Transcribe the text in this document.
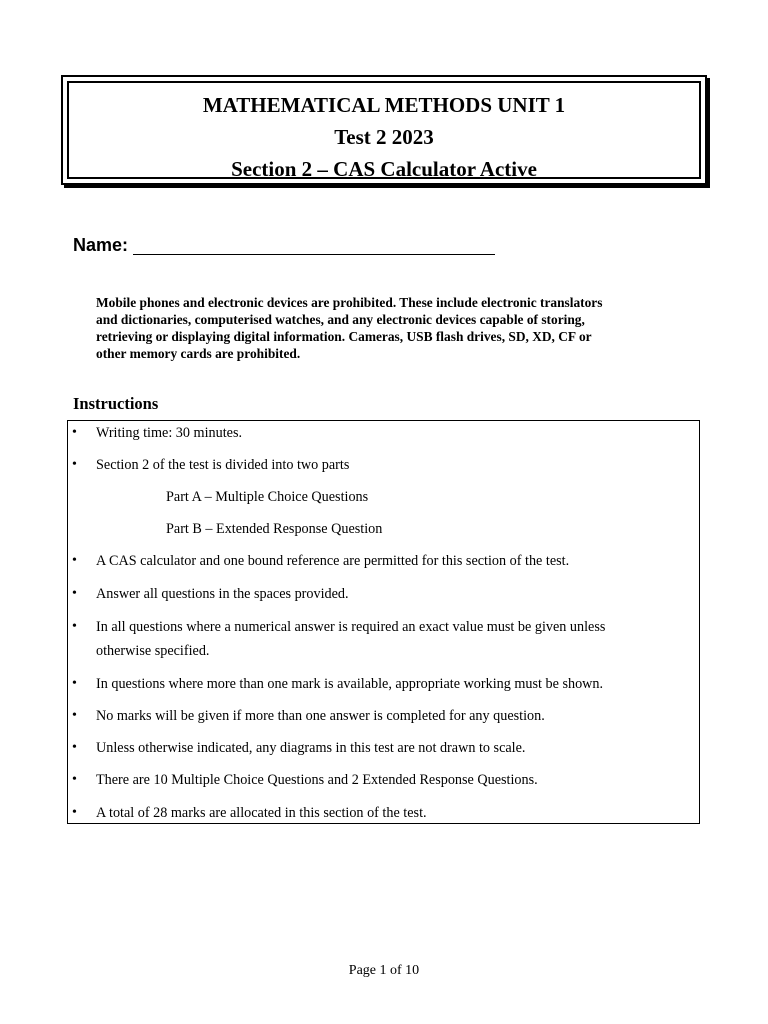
MATHEMATICAL METHODS UNIT 1

Test 2 2023

Section 2 – CAS Calculator Active

Name:

Mobile phones and electronic devices are prohibited. These include electronic translators
and dictionaries, computerised watches, and any electronic devices capable of storing,
retrieving or displaying digital information. Cameras, USB flash drives, SD, XD, CF or
other memory cards are prohibited.

Instructions

• Writing time: 30 minutes.
• Section 2 of the test is divided into two parts
Part A – Multiple Choice Questions
Part B – Extended Response Question
• A CAS calculator and one bound reference are permitted for this section of the test.
• Answer all questions in the spaces provided.
• In all questions where a numerical answer is required an exact value must be given unless
otherwise specified.
• In questions where more than one mark is available, appropriate working must be shown.
• No marks will be given if more than one answer is completed for any question.
• Unless otherwise indicated, any diagrams in this test are not drawn to scale.
• There are 10 Multiple Choice Questions and 2 Extended Response Questions.
• A total of 28 marks are allocated in this section of the test.
Page 1 of 10
